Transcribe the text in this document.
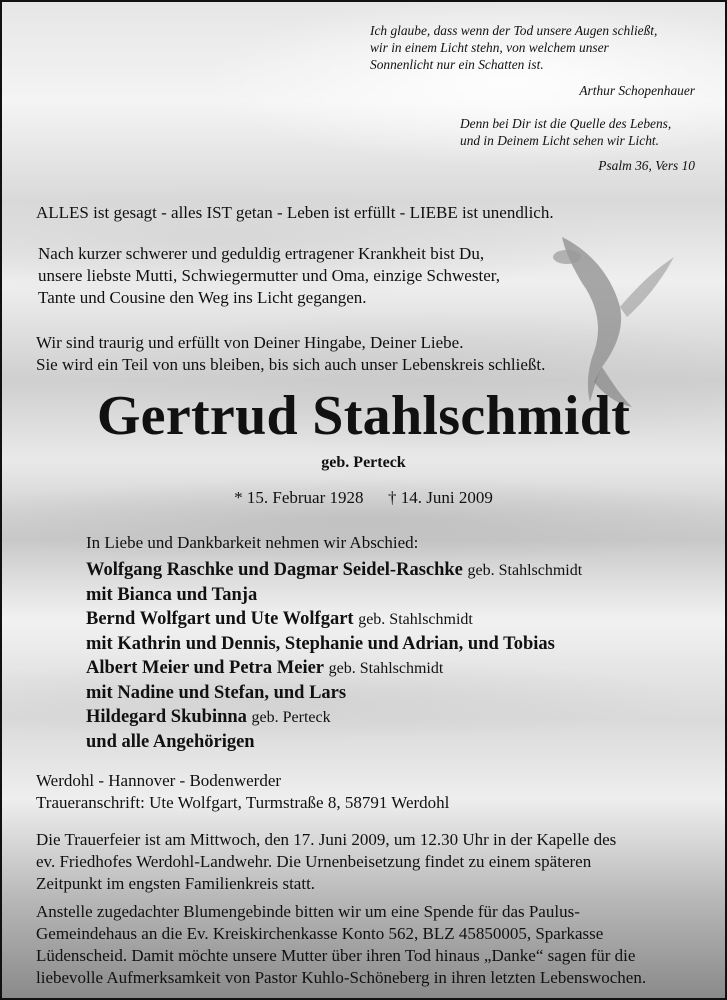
Ich glaube, dass wenn der Tod unsere Augen schließt,
wir in einem Licht stehn, von welchem unser
Sonnenlicht nur ein Schatten ist.
Arthur Schopenhauer
Denn bei Dir ist die Quelle des Lebens,
und in Deinem Licht sehen wir Licht.
Psalm 36, Vers 10
ALLES ist gesagt - alles IST getan - Leben ist erfüllt - LIEBE ist unendlich.
Nach kurzer schwerer und geduldig ertragener Krankheit bist Du,
unsere liebste Mutti, Schwiegermutter und Oma, einzige Schwester,
Tante und Cousine den Weg ins Licht gegangen.
Wir sind traurig und erfüllt von Deiner Hingabe, Deiner Liebe.
Sie wird ein Teil von uns bleiben, bis sich auch unser Lebenskreis schließt.
Gertrud Stahlschmidt
geb. Perteck
* 15. Februar 1928 † 14. Juni 2009
In Liebe und Dankbarkeit nehmen wir Abschied:
Wolfgang Raschke und Dagmar Seidel-Raschke geb. Stahlschmidt
mit Bianca und Tanja
Bernd Wolfgart und Ute Wolfgart geb. Stahlschmidt
mit Kathrin und Dennis, Stephanie und Adrian, und Tobias
Albert Meier und Petra Meier geb. Stahlschmidt
mit Nadine und Stefan, und Lars
Hildegard Skubinna geb. Perteck
und alle Angehörigen
Werdohl - Hannover - Bodenwerder
Traueranschrift: Ute Wolfgart, Turmstraße 8, 58791 Werdohl
Die Trauerfeier ist am Mittwoch, den 17. Juni 2009, um 12.30 Uhr in der Kapelle des
ev. Friedhofes Werdohl-Landwehr. Die Urnenbeisetzung findet zu einem späteren
Zeitpunkt im engsten Familienkreis statt.
Anstelle zugedachter Blumengebinde bitten wir um eine Spende für das Paulus-
Gemeindehaus an die Ev. Kreiskirchenkasse Konto 562, BLZ 45850005, Sparkasse
Lüdenscheid. Damit möchte unsere Mutter über ihren Tod hinaus „Danke“ sagen für die
liebevolle Aufmerksamkeit von Pastor Kuhlo-Schöneberg in ihren letzten Lebenswochen.
